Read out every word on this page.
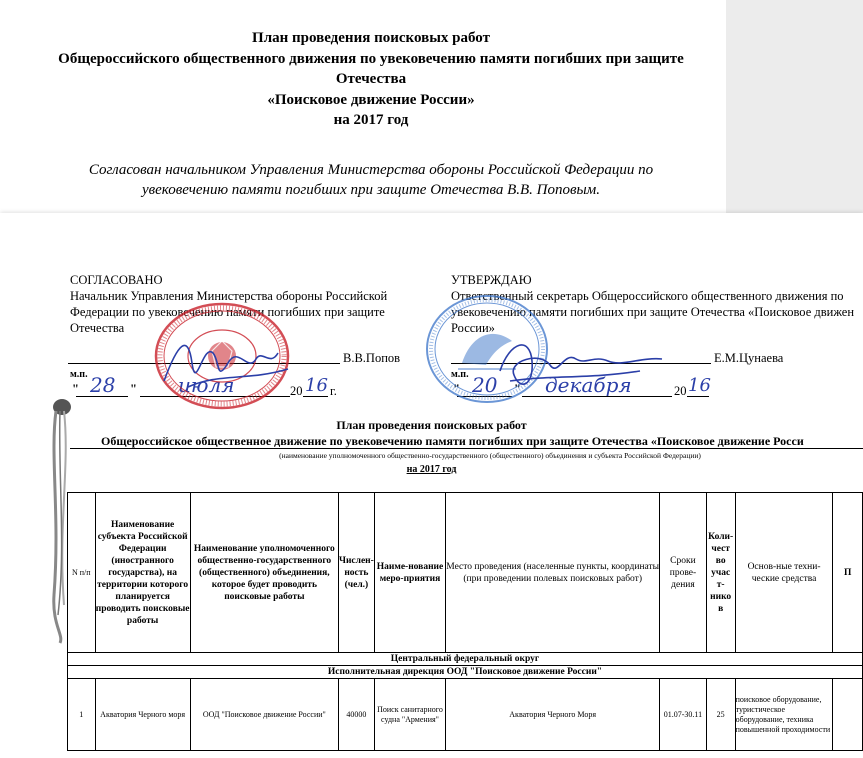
План проведения поисковых работ
Общероссийского общественного движения по увековечению памяти погибших при защите
Отечества
«Поисковое движение России»
на 2017 год
Согласован начальником Управления Министерства обороны Российской Федерации по
увековечению памяти погибших при защите Отечества В.В. Поповым.
СОГЛАСОВАНО
Начальник Управления Министерства обороны Российской
Федерации по увековечению памяти погибших при защите
Отечества
В.В.Попов
м.п.
"	"	20 г.
28	июля	16
УТВЕРЖДАЮ
Ответственный секретарь Общероссийского общественного движения по
увековечению памяти погибших при защите Отечества «Поисковое движен
России»
Е.М.Цунаева
м.п.
"	"	20
20 декабря	16
План проведения поисковых работ
Общероссийское общественное движение по увековечению памяти погибших при защите Отечества «Поисковое движение Росси
(наименование уполномоченного общественно-государственного (общественного) объединения и субъекта Российской Федерации)
на 2017 год
N п/п	Наименование субъекта Российской Федерации (иностранного государства), на территории которого планируется проводить поисковые работы	Наименование уполномоченного общественно-государственного (общественного) объединения, которое будет проводить поисковые работы	Числен-ность (чел.)	Наиме-нование меро-приятия	Место проведения (населенные пункты, координаты (при проведении полевых поисковых работ)	Сроки прове-дения	Коли-чест во учас т-нико в	Основ-ные техни-ческие средства	П
Центральный федеральный округ									
Исполнительная дирекция ООД "Поисковое движение России"									
1	Акватория Черного моря	ООД "Поисковое движение России"	40000	Поиск санитарного судна "Армения"	Акватория Черного Моря	01.07-30.11	25	поисковое оборудование, туристическое оборудование, техника повышенной проходимости	
